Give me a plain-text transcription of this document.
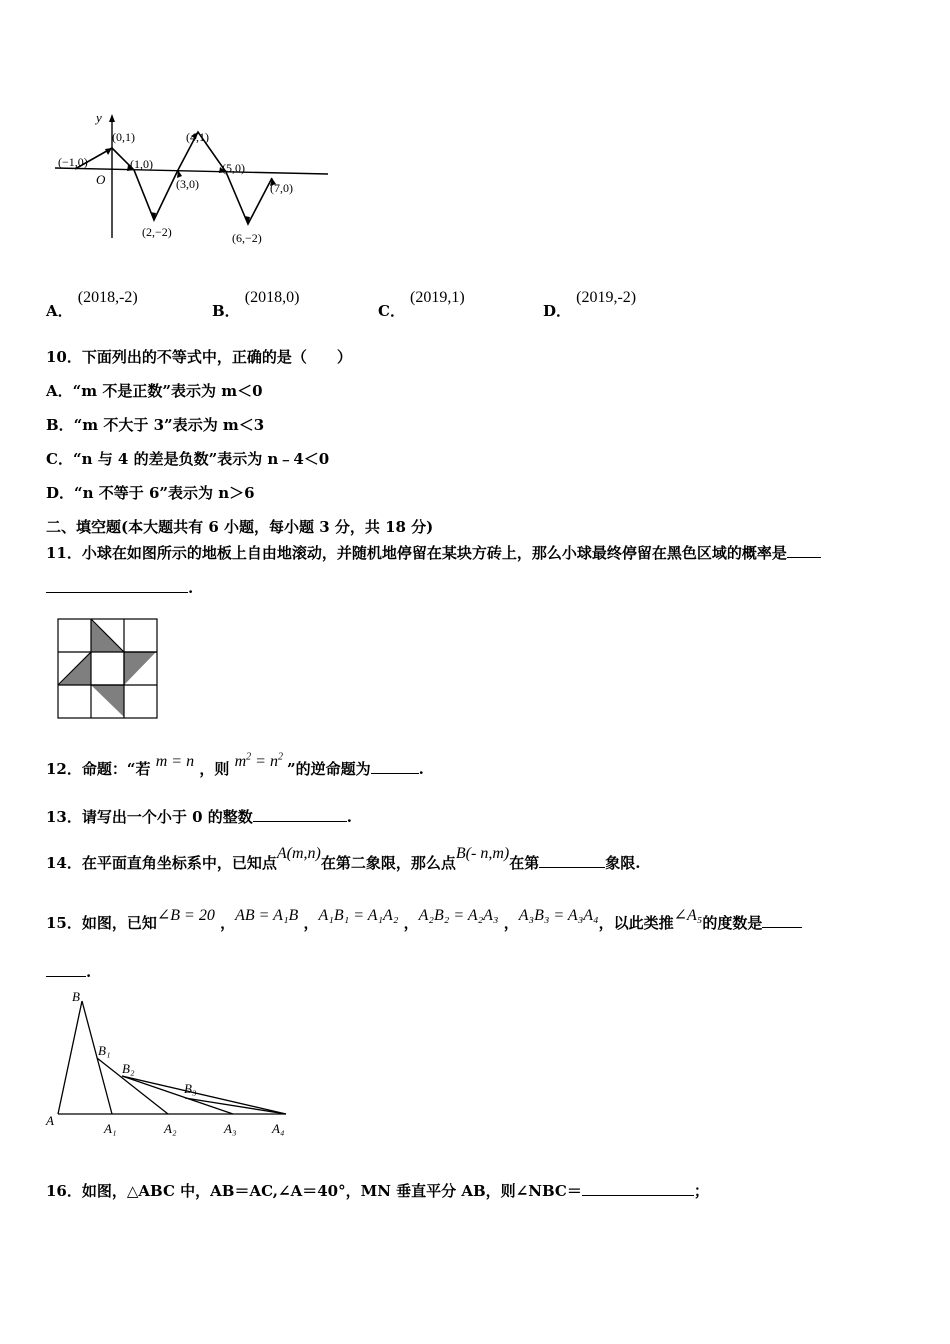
y
O
(−1,0)
(0,1)
(1,0)
(2,−2)
(3,0)
(4,1)
(5,0)
(6,−2)
(7,0)
A． (2018,-2)
B． (2018,0)
C． (2019,1)
D． (2019,-2)
10．下面列出的不等式中，正确的是（　　）
A．“m 不是正数”表示为 m＜0
B．“m 不大于 3”表示为 m＜3
C．“n 与 4 的差是负数”表示为 n﹣4＜0
D．“n 不等于 6”表示为 n＞6
二、填空题(本大题共有 6 小题，每小题 3 分，共 18 分)
11．小球在如图所示的地板上自由地滚动，并随机地停留在某块方砖上，那么小球最终停留在黑色区域的概率是
.
12．命题：“若 m = n ，则 $m^2 = n^2$ ”的逆命题为	.
13．请写出一个小于 0 的整数	.
14．在平面直角坐标系中，已知点A(m,n)在第二象限，那么点B(- n,m)在第	象限.
15．如图，已知∠B = 20 ，AB = A₁B ，A₁B₁ = A₁A₂ ，A₂B₂ = A₂A₃ ，A₃B₃ = A₃A₄，以此类推∠A₅的度数是
.
B
B₁
B₂
B₃
A
A₁	A₂	A₃	A₄
16．如图，△ABC 中，AB＝AC,∠A＝40°，MN 垂直平分 AB，则∠NBC＝	；
